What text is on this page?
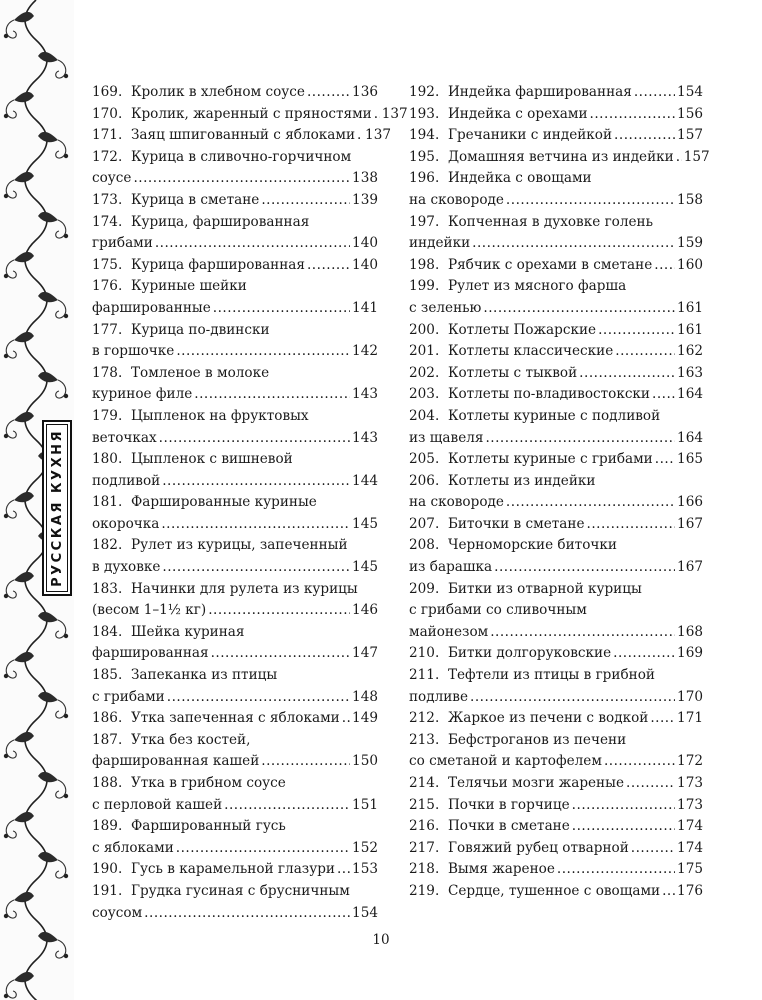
РУССКАЯ КУХНЯ
169. Кролик в хлебном соусе .....	136
170. Кролик, жаренный с пряностями ..... 137
171. Заяц шпигованный с яблоками ..... 137
172. Курица в сливочно-горчичном
соусе .....	138
173. Курица в сметане .....	139
174. Курица, фаршированная
грибами .....	140
175. Курица фаршированная .....	140
176. Куриные шейки
фаршированные .....	141
177. Курица по-двински
в горшочке .....	142
178. Томленое в молоке
куриное филе .....	143
179. Цыпленок на фруктовых
веточках .....	143
180. Цыпленок с вишневой
подливой .....	144
181. Фаршированные куриные
окорочка .....	145
182. Рулет из курицы, запеченный
в духовке .....	145
183. Начинки для рулета из курицы
(весом 1–1½ кг) .....	146
184. Шейка куриная
фаршированная .....	147
185. Запеканка из птицы
с грибами .....	148
186. Утка запеченная с яблоками ..... 149
187. Утка без костей,
фаршированная кашей .....	150
188. Утка в грибном соусе
с перловой кашей .....	151
189. Фаршированный гусь
с яблоками .....	152
190. Гусь в карамельной глазури ..... 153
191. Грудка гусиная с брусничным
соусом .....	154
192. Индейка фаршированная .....	154
193. Индейка с орехами .....	156
194. Гречаники с индейкой .....	157
195. Домашняя ветчина из индейки ..... 157
196. Индейка с овощами
на сковороде .....	158
197. Копченная в духовке голень
индейки .....	159
198. Рябчик с орехами в сметане ..... 160
199. Рулет из мясного фарша
с зеленью .....	161
200. Котлеты Пожарские .....	161
201. Котлеты классические .....	162
202. Котлеты с тыквой .....	163
203. Котлеты по-владивостокски ..... 164
204. Котлеты куриные с подливой
из щавеля .....	164
205. Котлеты куриные с грибами ..... 165
206. Котлеты из индейки
на сковороде .....	166
207. Биточки в сметане .....	167
208. Черноморские биточки
из барашка .....	167
209. Битки из отварной курицы
с грибами со сливочным
майонезом .....	168
210. Битки долгоруковские .....	169
211. Тефтели из птицы в грибной
подливе .....	170
212. Жаркое из печени с водкой ..... 171
213. Бефстроганов из печени
со сметаной и картофелем .....	172
214. Телячьи мозги жареные .....	173
215. Почки в горчице .....	173
216. Почки в сметане .....	174
217. Говяжий рубец отварной .....	174
218. Вымя жареное .....	175
219. Сердце, тушенное с овощами ..... 176
10
